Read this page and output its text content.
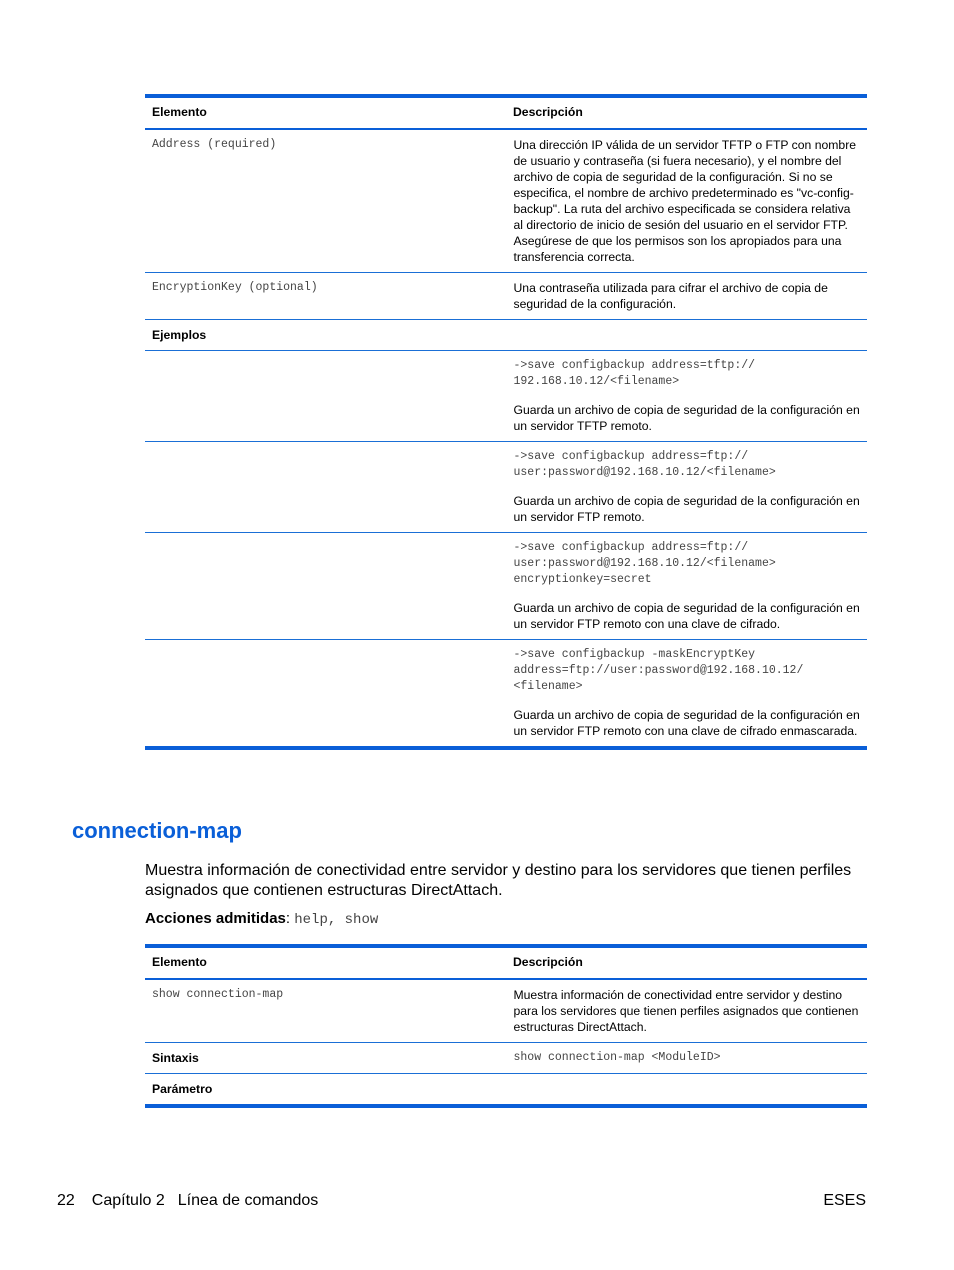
Elemento	Descripción
Address (required)	Una dirección IP válida de un servidor TFTP o FTP con nombre de usuario y contraseña (si fuera necesario), y el nombre del archivo de copia de seguridad de la configuración. Si no se especifica, el nombre de archivo predeterminado es "vc-config-backup". La ruta del archivo especificada se considera relativa al directorio de inicio de sesión del usuario en el servidor FTP. Asegúrese de que los permisos son los apropiados para una transferencia correcta.
EncryptionKey (optional)	Una contraseña utilizada para cifrar el archivo de copia de seguridad de la configuración.
Ejemplos	

	->save configbackup address=tftp://
192.168.10.12/<filename>
Guarda un archivo de copia de seguridad de la configuración en un servidor TFTP remoto.

	->save configbackup address=ftp://
user:password@192.168.10.12/<filename>
Guarda un archivo de copia de seguridad de la configuración en un servidor FTP remoto.

	->save configbackup address=ftp://
user:password@192.168.10.12/<filename>
encryptionkey=secret
Guarda un archivo de copia de seguridad de la configuración en un servidor FTP remoto con una clave de cifrado.

	->save configbackup -maskEncryptKey
address=ftp://user:password@192.168.10.12/
<filename>
Guarda un archivo de copia de seguridad de la configuración en un servidor FTP remoto con una clave de cifrado enmascarada.
connection-map

Muestra información de conectividad entre servidor y destino para los servidores que tienen perfiles asignados que contienen estructuras DirectAttach.

Acciones admitidas: help, show

Elemento	Descripción
show connection-map	Muestra información de conectividad entre servidor y destino para los servidores que tienen perfiles asignados que contienen estructuras DirectAttach.
Sintaxis	show connection-map <ModuleID>
Parámetro	
22 Capítulo 2 Línea de comandos	ESES
